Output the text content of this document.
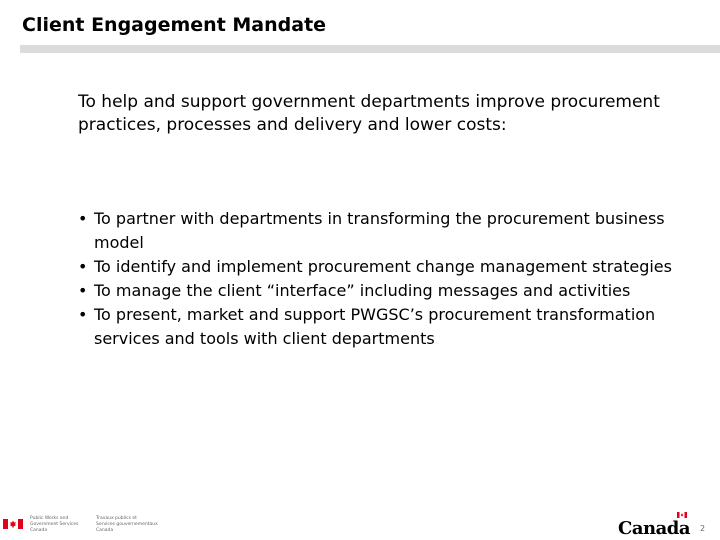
Client Engagement Mandate

To help and support government departments improve procurement practices, processes and delivery and lower costs:

• To partner with departments in transforming the procurement business model
• To identify and implement procurement change management strategies
• To manage the client “interface” including messages and activities
• To present, market and support PWGSC’s procurement transformation services and tools with client departments
Public Works and
Government Services
Canada
Travaux publics et
Services gouvernementaux
Canada	Canada 2
